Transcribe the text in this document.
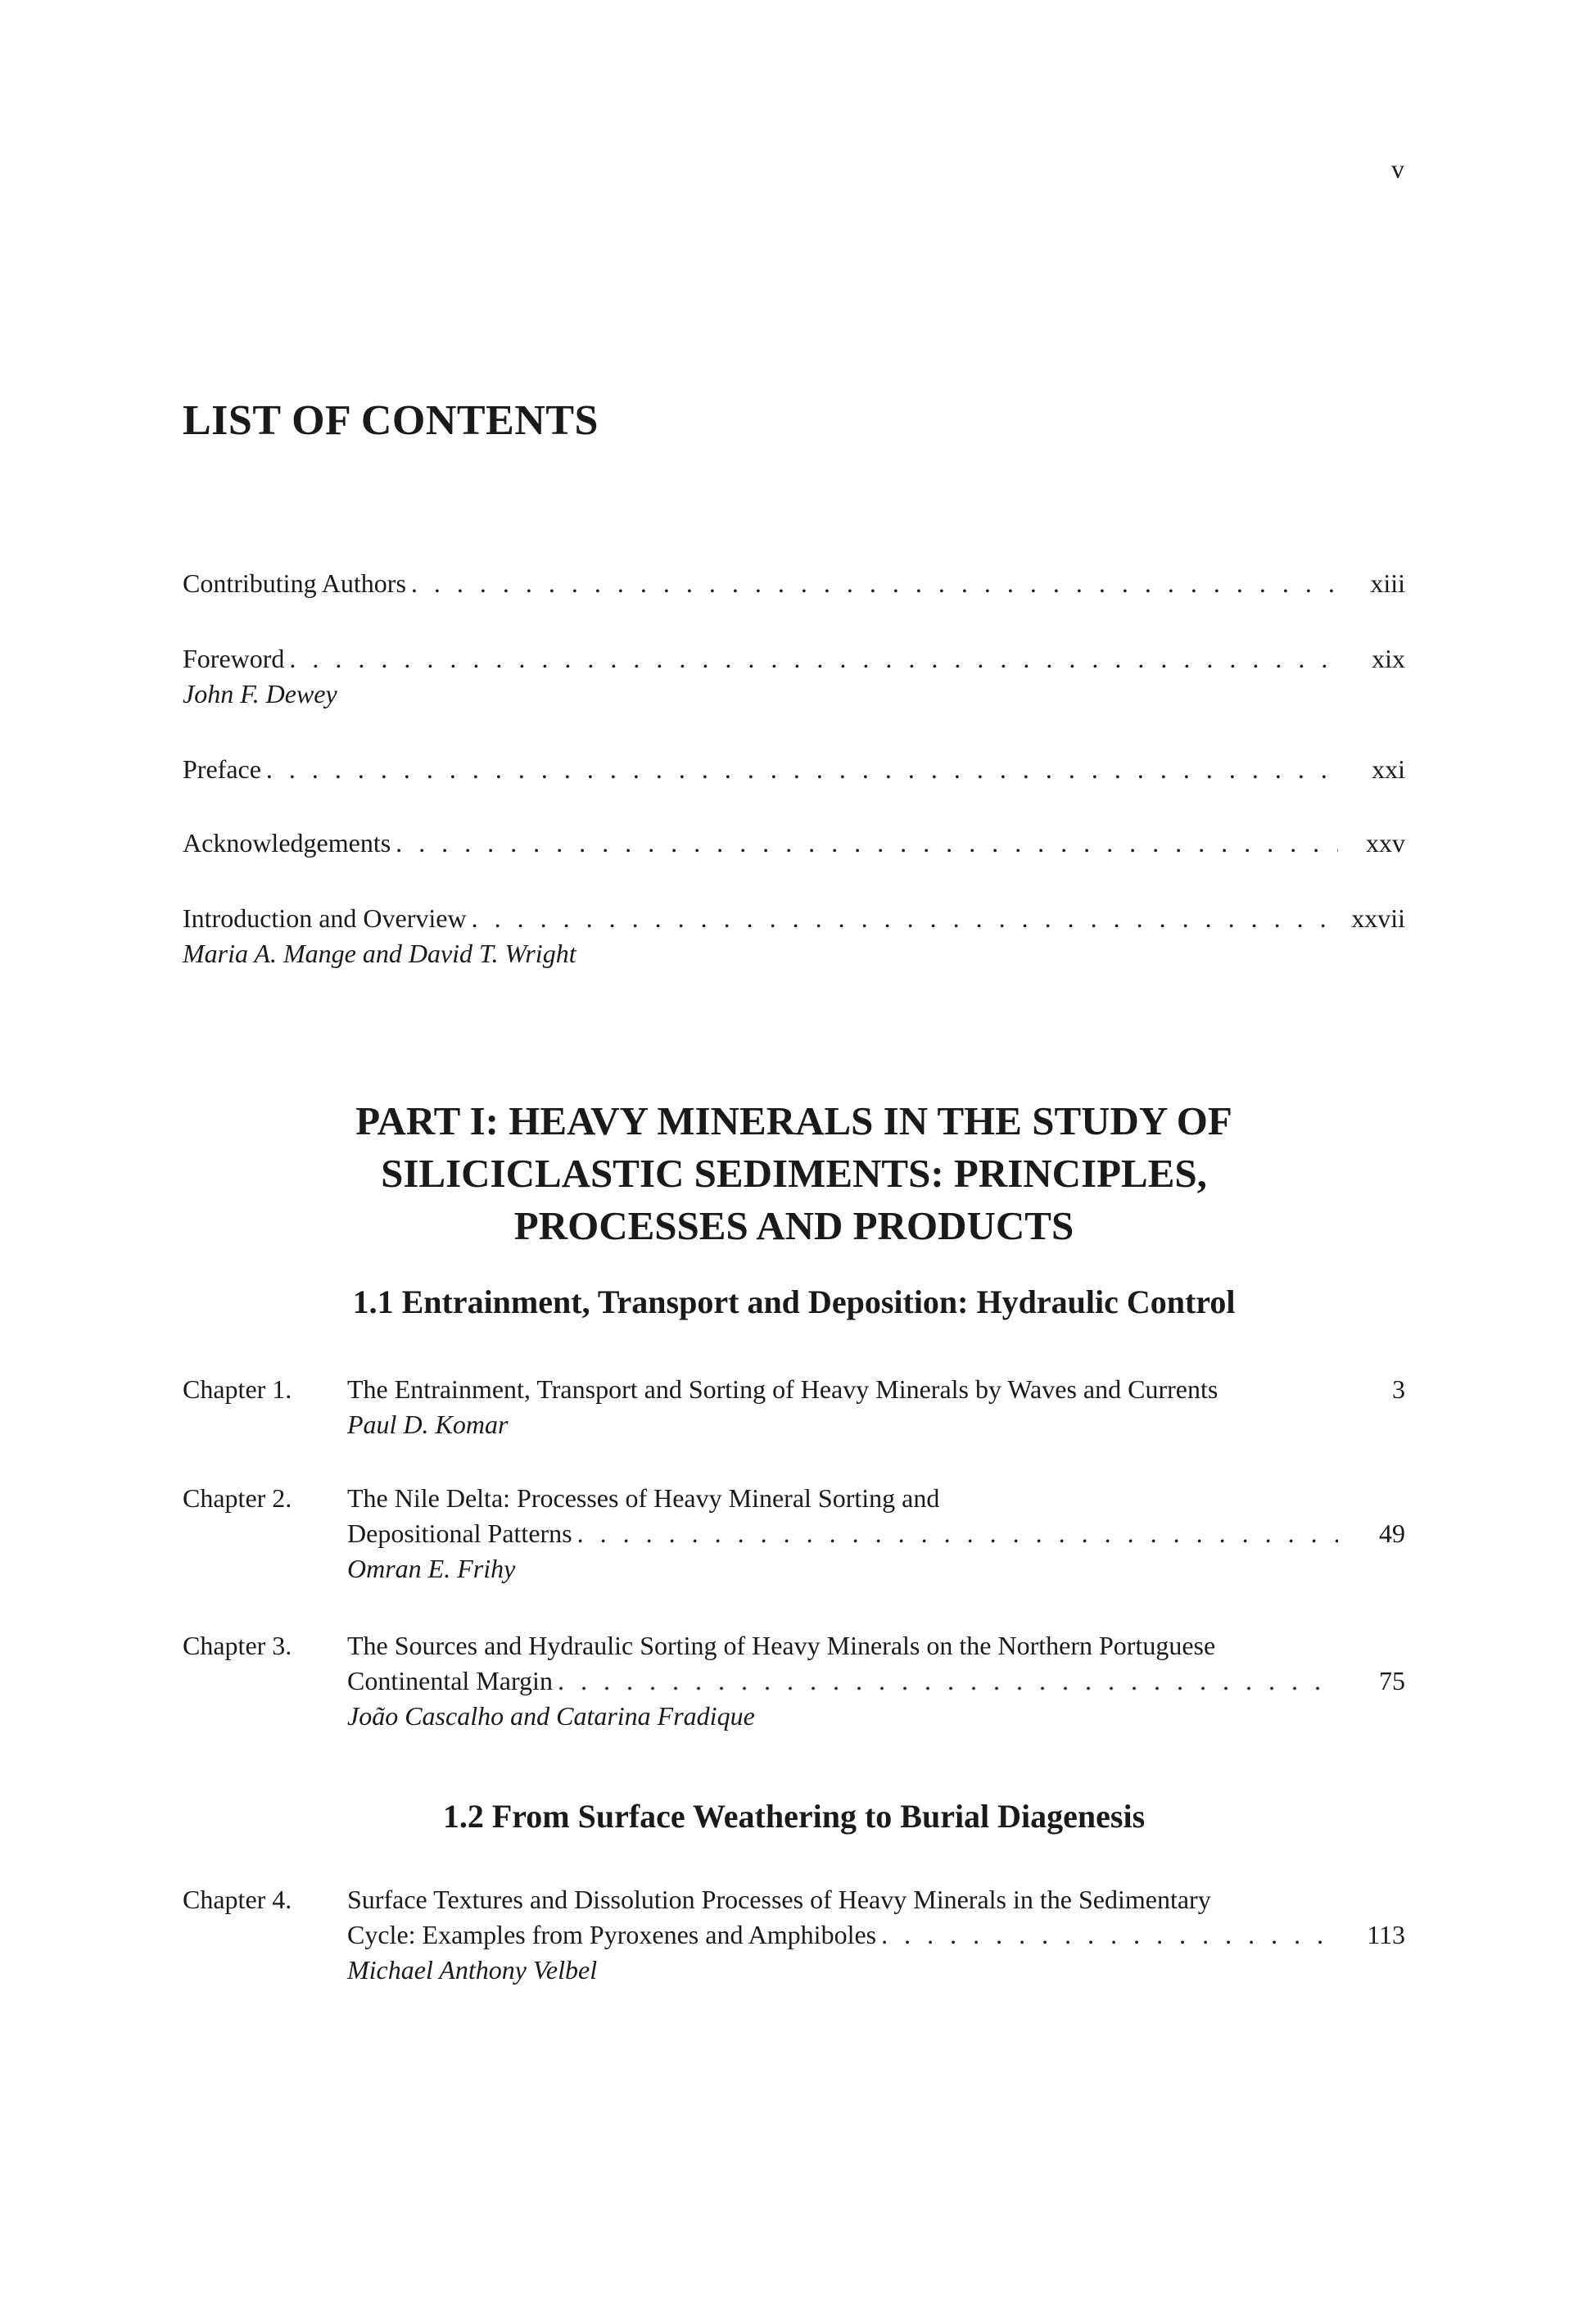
v
LIST OF CONTENTS
Contributing Authors . . .	xiii
Foreword . . .	xix
John F. Dewey
Preface . . .	xxi
Acknowledgements . . .	xxv
Introduction and Overview . . .	xxvii
Maria A. Mange and David T. Wright
PART I: HEAVY MINERALS IN THE STUDY OF
SILICICLASTIC SEDIMENTS: PRINCIPLES,
PROCESSES AND PRODUCTS
1.1 Entrainment, Transport and Deposition: Hydraulic Control
Chapter 1. The Entrainment, Transport and Sorting of Heavy Minerals by Waves and Currents	3
Paul D. Komar
Chapter 2. The Nile Delta: Processes of Heavy Mineral Sorting and
Depositional Patterns . . .	49
Omran E. Frihy
Chapter 3. The Sources and Hydraulic Sorting of Heavy Minerals on the Northern Portuguese
Continental Margin . . .	75
João Cascalho and Catarina Fradique
1.2 From Surface Weathering to Burial Diagenesis
Chapter 4. Surface Textures and Dissolution Processes of Heavy Minerals in the Sedimentary
Cycle: Examples from Pyroxenes and Amphiboles . . .	113
Michael Anthony Velbel
